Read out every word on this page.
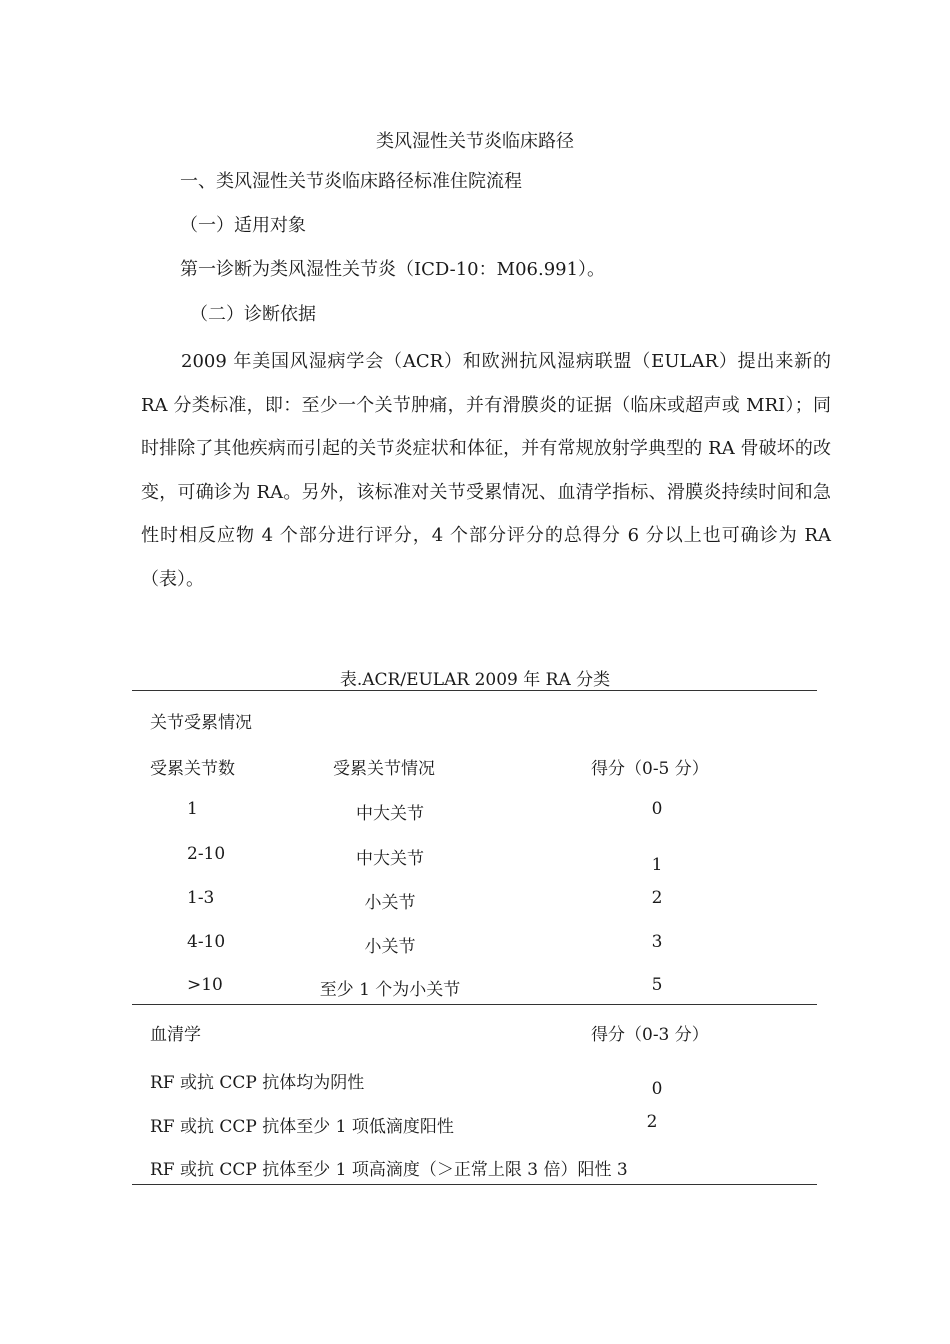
类风湿性关节炎临床路径
一、类风湿性关节炎临床路径标准住院流程
（一）适用对象
第一诊断为类风湿性关节炎（ICD-10：M06.991）。
（二）诊断依据

2009 年美国风湿病学会（ACR）和欧洲抗风湿病联盟（EULAR）提出来新的 RA 分类标准，即：至少一个关节肿痛，并有滑膜炎的证据（临床或超声或 MRI）；同时排除了其他疾病而引起的关节炎症状和体征，并有常规放射学典型的 RA 骨破坏的改变，可确诊为 RA。另外，该标准对关节受累情况、血清学指标、滑膜炎持续时间和急性时相反应物 4 个部分进行评分，4 个部分评分的总得分 6 分以上也可确诊为 RA（表）。

表.ACR/EULAR 2009 年 RA 分类
关节受累情况
受累关节数	受累关节情况	得分（0-5 分）
1	中大关节	0
2-10	中大关节	1
1-3	小关节	2
4-10	小关节	3
>10	至少 1 个为小关节	5
血清学	得分（0-3 分）
RF 或抗 CCP 抗体均为阴性	0
RF 或抗 CCP 抗体至少 1 项低滴度阳性	2
RF 或抗 CCP 抗体至少 1 项高滴度（＞正常上限 3 倍）阳性 3
